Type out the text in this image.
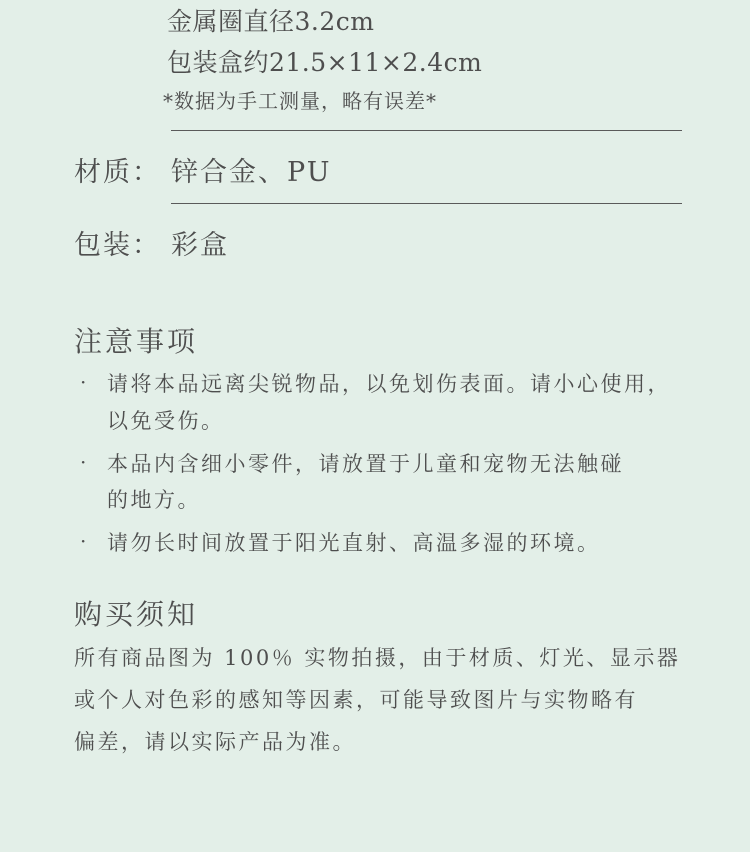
金属圈直径3.2cm
包装盒约21.5×11×2.4cm
*数据为手工测量，略有误差*
材质： 锌合金、PU
包装： 彩盒
注意事项
· 请将本品远离尖锐物品，以免划伤表面。请小心使用，
以免受伤。
· 本品内含细小零件，请放置于儿童和宠物无法触碰
的地方。
· 请勿长时间放置于阳光直射、高温多湿的环境。
购买须知
所有商品图为 100％ 实物拍摄，由于材质、灯光、显示器
或个人对色彩的感知等因素，可能导致图片与实物略有
偏差，请以实际产品为准。
